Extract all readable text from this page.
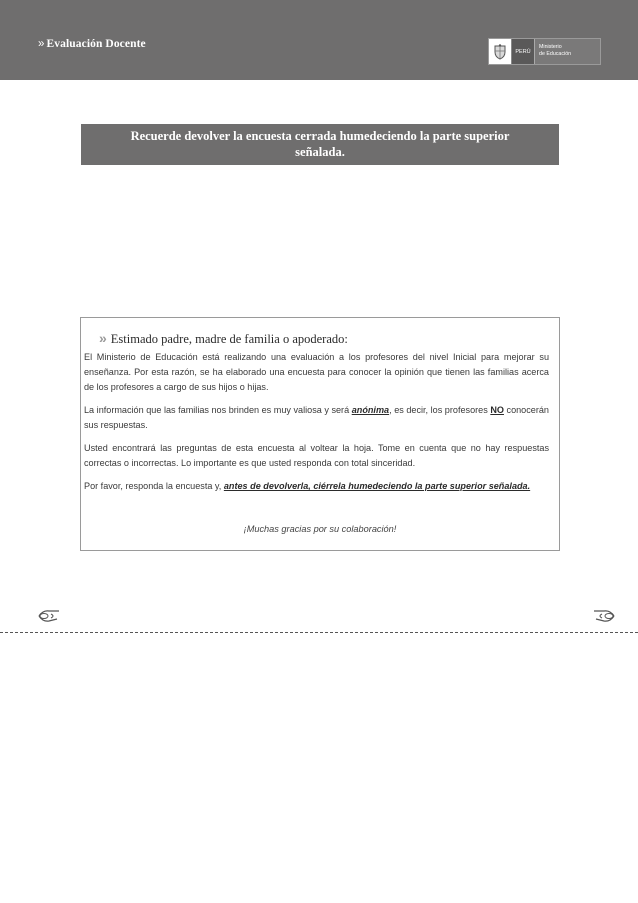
» Evaluación Docente
PERÚ
Ministerio
de Educación
Recuerde devolver la encuesta cerrada humedeciendo la parte superior
señalada.
» Estimado padre, madre de familia o apoderado:
El Ministerio de Educación está realizando una evaluación a los profesores del nivel Inicial para mejorar su enseñanza. Por esta razón, se ha elaborado una encuesta para conocer la opinión que tienen las familias acerca de los profesores a cargo de sus hijos o hijas.
La información que las familias nos brinden es muy valiosa y será anónima, es decir, los profesores NO conocerán sus respuestas.
Usted encontrará las preguntas de esta encuesta al voltear la hoja. Tome en cuenta que no hay respuestas correctas o incorrectas. Lo importante es que usted responda con total sinceridad.
Por favor, responda la encuesta y, antes de devolverla, ciérrela humedeciendo la parte superior señalada.
¡Muchas gracias por su colaboración!
